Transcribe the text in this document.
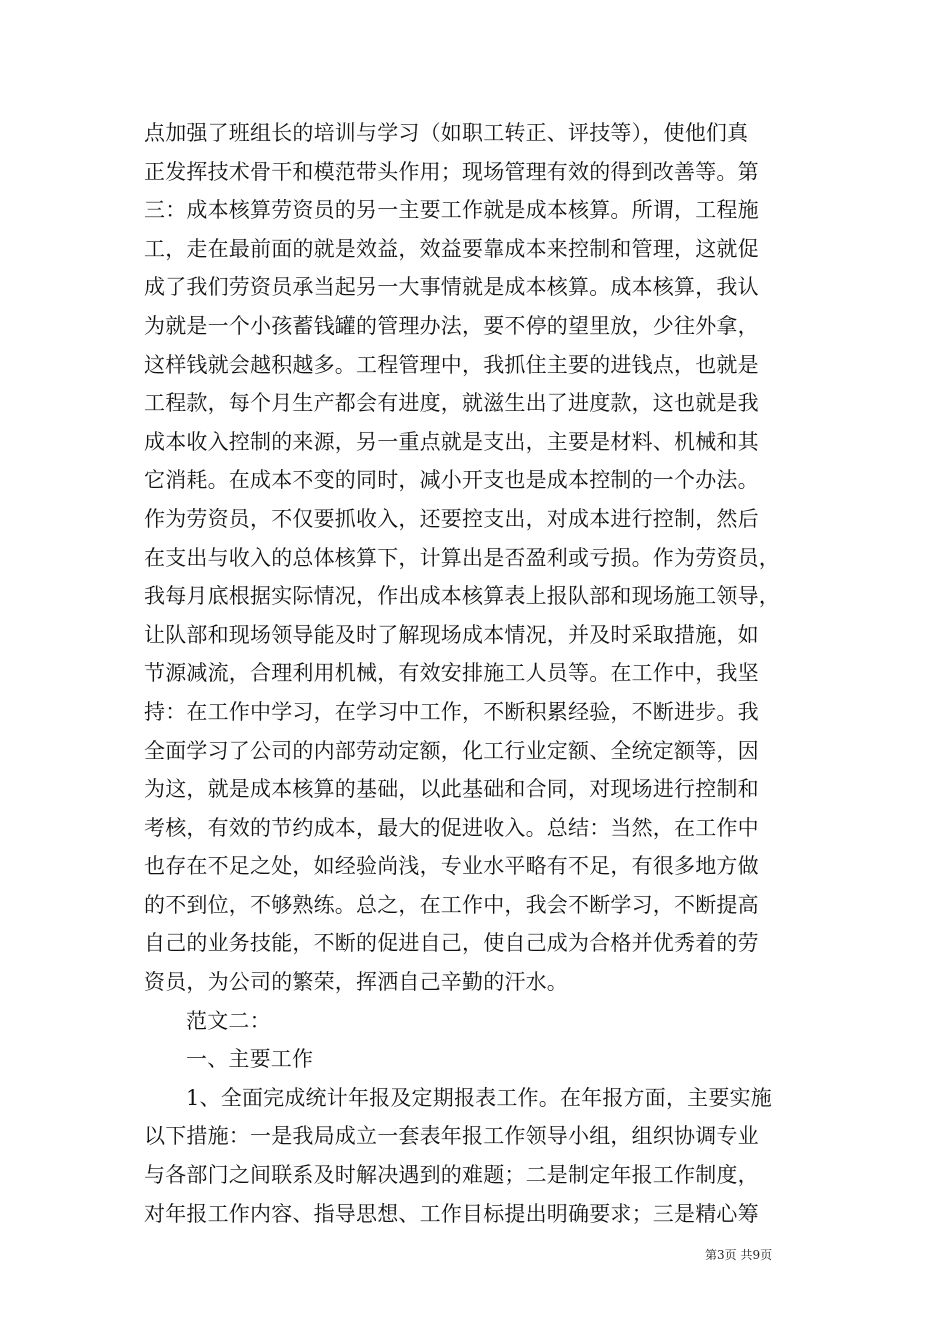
点加强了班组长的培训与学习（如职工转正、评技等），使他们真
正发挥技术骨干和模范带头作用；现场管理有效的得到改善等。第
三：成本核算劳资员的另一主要工作就是成本核算。所谓，工程施
工，走在最前面的就是效益，效益要靠成本来控制和管理，这就促
成了我们劳资员承当起另一大事情就是成本核算。成本核算，我认
为就是一个小孩蓄钱罐的管理办法，要不停的望里放，少往外拿，
这样钱就会越积越多。工程管理中，我抓住主要的进钱点，也就是
工程款，每个月生产都会有进度，就滋生出了进度款，这也就是我
成本收入控制的来源，另一重点就是支出，主要是材料、机械和其
它消耗。在成本不变的同时，减小开支也是成本控制的一个办法。
作为劳资员，不仅要抓收入，还要控支出，对成本进行控制，然后
在支出与收入的总体核算下，计算出是否盈利或亏损。作为劳资员，
我每月底根据实际情况，作出成本核算表上报队部和现场施工领导，
让队部和现场领导能及时了解现场成本情况，并及时采取措施，如
节源减流，合理利用机械，有效安排施工人员等。在工作中，我坚
持：在工作中学习，在学习中工作，不断积累经验，不断进步。我
全面学习了公司的内部劳动定额，化工行业定额、全统定额等，因
为这，就是成本核算的基础，以此基础和合同，对现场进行控制和
考核，有效的节约成本，最大的促进收入。总结：当然，在工作中
也存在不足之处，如经验尚浅，专业水平略有不足，有很多地方做
的不到位，不够熟练。总之，在工作中，我会不断学习，不断提高
自己的业务技能，不断的促进自己，使自己成为合格并优秀着的劳
资员，为公司的繁荣，挥洒自己辛勤的汗水。
范文二：
一、主要工作
1、全面完成统计年报及定期报表工作。在年报方面，主要实施
以下措施：一是我局成立一套表年报工作领导小组，组织协调专业
与各部门之间联系及时解决遇到的难题；二是制定年报工作制度，
对年报工作内容、指导思想、工作目标提出明确要求；三是精心筹
第3页 共9页
